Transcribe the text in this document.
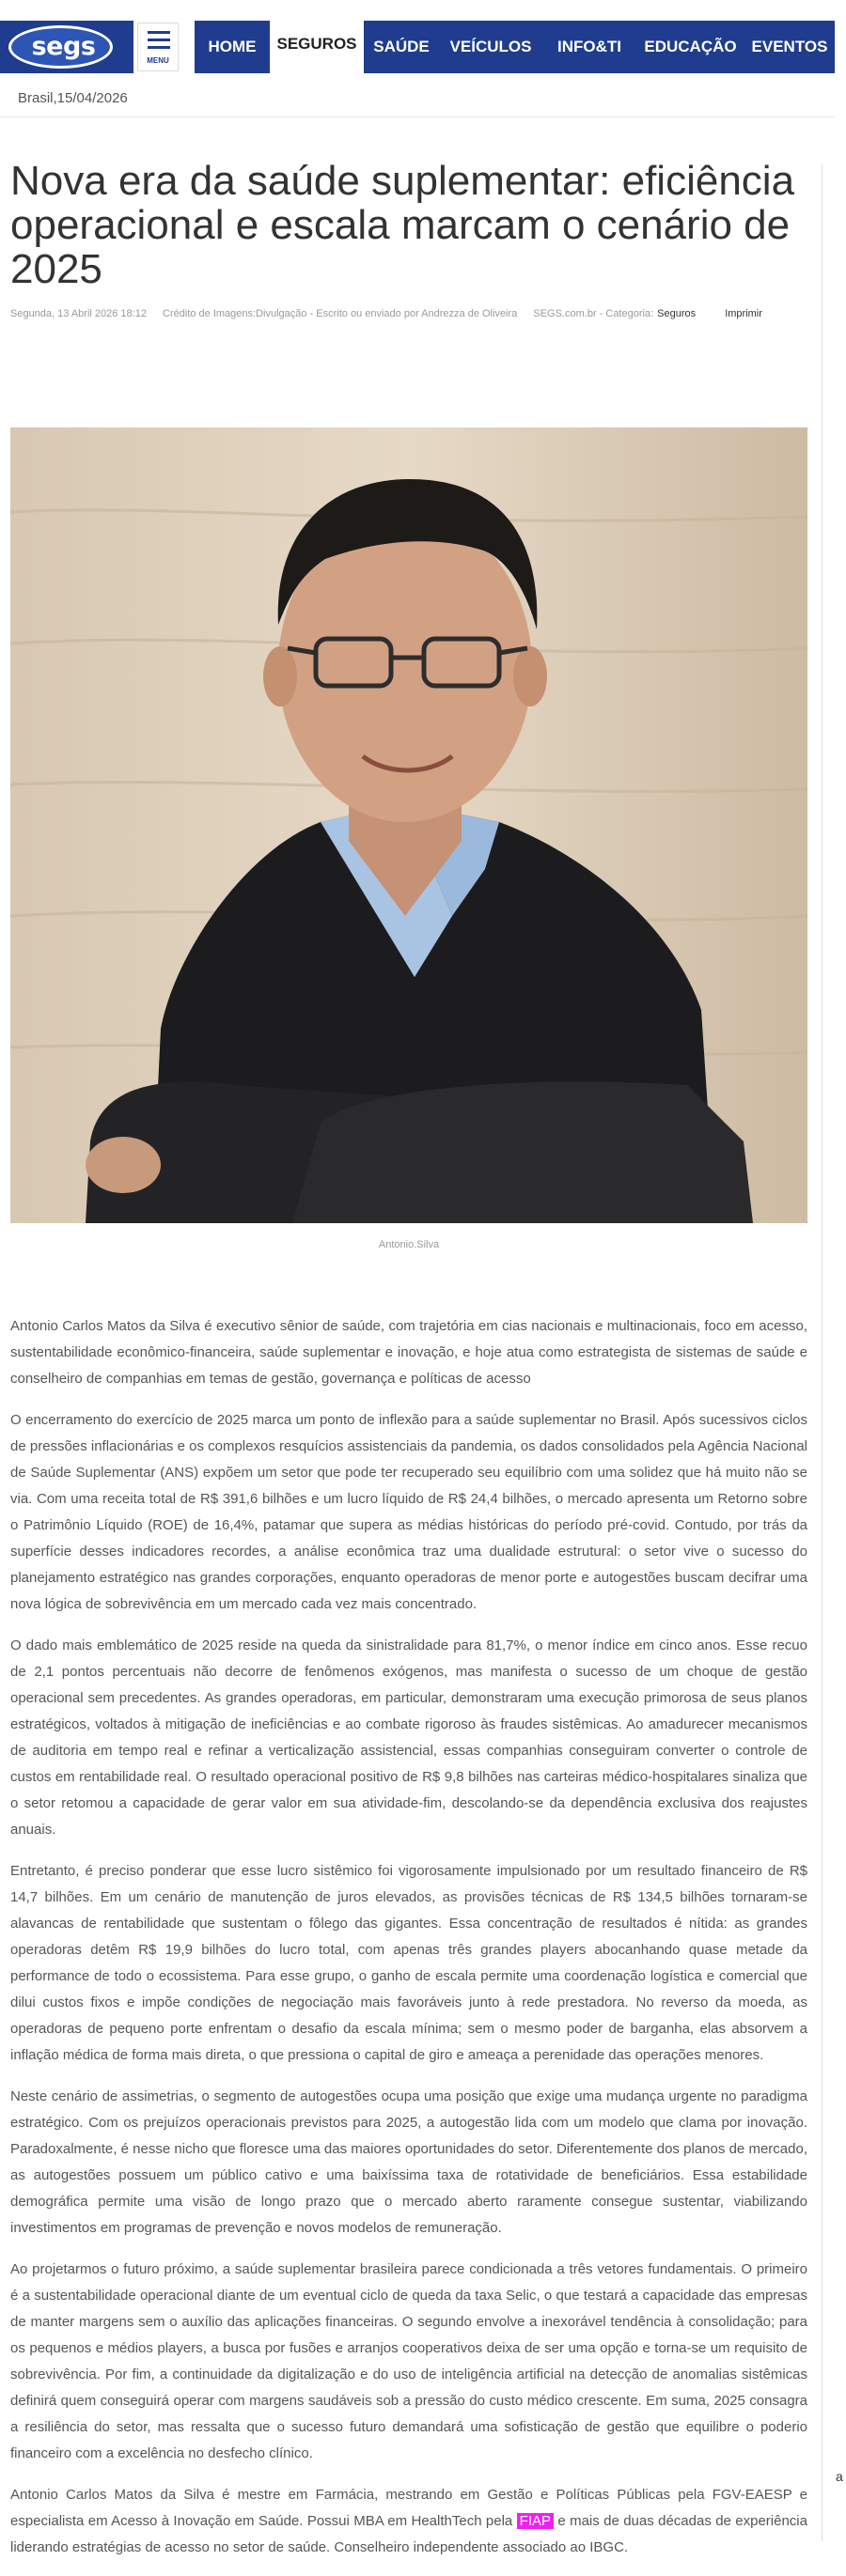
segs	MENU
HOME	SEGUROS	SAÚDE	VEÍCULOS	INFO&TI	EDUCAÇÃO EVENTOS
Brasil,15/04/2026
Nova era da saúde suplementar: eficiência operacional e escala marcam o cenário de 2025
Segunda, 13 Abril 2026 18:12 Crédito de Imagens:Divulgação - Escrito ou enviado por Andrezza de Oliveira SEGS.com.br - Categoria: Seguros	Imprimir
Antonio.Silva

Antonio Carlos Matos da Silva é executivo sênior de saúde, com trajetória em cias nacionais e multinacionais, foco em acesso, sustentabilidade econômico-financeira, saúde suplementar e inovação, e hoje atua como estrategista de sistemas de saúde e conselheiro de companhias em temas de gestão, governança e políticas de acesso

O encerramento do exercício de 2025 marca um ponto de inflexão para a saúde suplementar no Brasil. Após sucessivos ciclos de pressões inflacionárias e os complexos resquícios assistenciais da pandemia, os dados consolidados pela Agência Nacional de Saúde Suplementar (ANS) expõem um setor que pode ter recuperado seu equilíbrio com uma solidez que há muito não se via. Com uma receita total de R$ 391,6 bilhões e um lucro líquido de R$ 24,4 bilhões, o mercado apresenta um Retorno sobre o Patrimônio Líquido (ROE) de 16,4%, patamar que supera as médias históricas do período pré-covid. Contudo, por trás da superfície desses indicadores recordes, a análise econômica traz uma dualidade estrutural: o setor vive o sucesso do planejamento estratégico nas grandes corporações, enquanto operadoras de menor porte e autogestões buscam decifrar uma nova lógica de sobrevivência em um mercado cada vez mais concentrado.

O dado mais emblemático de 2025 reside na queda da sinistralidade para 81,7%, o menor índice em cinco anos. Esse recuo de 2,1 pontos percentuais não decorre de fenômenos exógenos, mas manifesta o sucesso de um choque de gestão operacional sem precedentes. As grandes operadoras, em particular, demonstraram uma execução primorosa de seus planos estratégicos, voltados à mitigação de ineficiências e ao combate rigoroso às fraudes sistêmicas. Ao amadurecer mecanismos de auditoria em tempo real e refinar a verticalização assistencial, essas companhias conseguiram converter o controle de custos em rentabilidade real. O resultado operacional positivo de R$ 9,8 bilhões nas carteiras médico-hospitalares sinaliza que o setor retomou a capacidade de gerar valor em sua atividade-fim, descolando-se da dependência exclusiva dos reajustes anuais.

Entretanto, é preciso ponderar que esse lucro sistêmico foi vigorosamente impulsionado por um resultado financeiro de R$ 14,7 bilhões. Em um cenário de manutenção de juros elevados, as provisões técnicas de R$ 134,5 bilhões tornaram-se alavancas de rentabilidade que sustentam o fôlego das gigantes. Essa concentração de resultados é nítida: as grandes operadoras detêm R$ 19,9 bilhões do lucro total, com apenas três grandes players abocanhando quase metade da performance de todo o ecossistema. Para esse grupo, o ganho de escala permite uma coordenação logística e comercial que dilui custos fixos e impõe condições de negociação mais favoráveis junto à rede prestadora. No reverso da moeda, as operadoras de pequeno porte enfrentam o desafio da escala mínima; sem o mesmo poder de barganha, elas absorvem a inflação médica de forma mais direta, o que pressiona o capital de giro e ameaça a perenidade das operações menores.

Neste cenário de assimetrias, o segmento de autogestões ocupa uma posição que exige uma mudança urgente no paradigma estratégico. Com os prejuízos operacionais previstos para 2025, a autogestão lida com um modelo que clama por inovação. Paradoxalmente, é nesse nicho que floresce uma das maiores oportunidades do setor. Diferentemente dos planos de mercado, as autogestões possuem um público cativo e uma baixíssima taxa de rotatividade de beneficiários. Essa estabilidade demográfica permite uma visão de longo prazo que o mercado aberto raramente consegue sustentar, viabilizando investimentos em programas de prevenção e novos modelos de remuneração.

Ao projetarmos o futuro próximo, a saúde suplementar brasileira parece condicionada a três vetores fundamentais. O primeiro é a sustentabilidade operacional diante de um eventual ciclo de queda da taxa Selic, o que testará a capacidade das empresas de manter margens sem o auxílio das aplicações financeiras. O segundo envolve a inexorável tendência à consolidação; para os pequenos e médios players, a busca por fusões e arranjos cooperativos deixa de ser uma opção e torna-se um requisito de sobrevivência. Por fim, a continuidade da digitalização e do uso de inteligência artificial na detecção de anomalias sistêmicas definirá quem conseguirá operar com margens saudáveis sob a pressão do custo médico crescente. Em suma, 2025 consagra a resiliência do setor, mas ressalta que o sucesso futuro demandará uma sofisticação de gestão que equilibre o poderio financeiro com a excelência no desfecho clínico.

Antonio Carlos Matos da Silva é mestre em Farmácia, mestrando em Gestão e Políticas Públicas pela FGV-EAESP e especialista em Acesso à Inovação em Saúde. Possui MBA em HealthTech pela FIAP e mais de duas décadas de experiência liderando estratégias de acesso no setor de saúde. Conselheiro independente associado ao IBGC.

a
